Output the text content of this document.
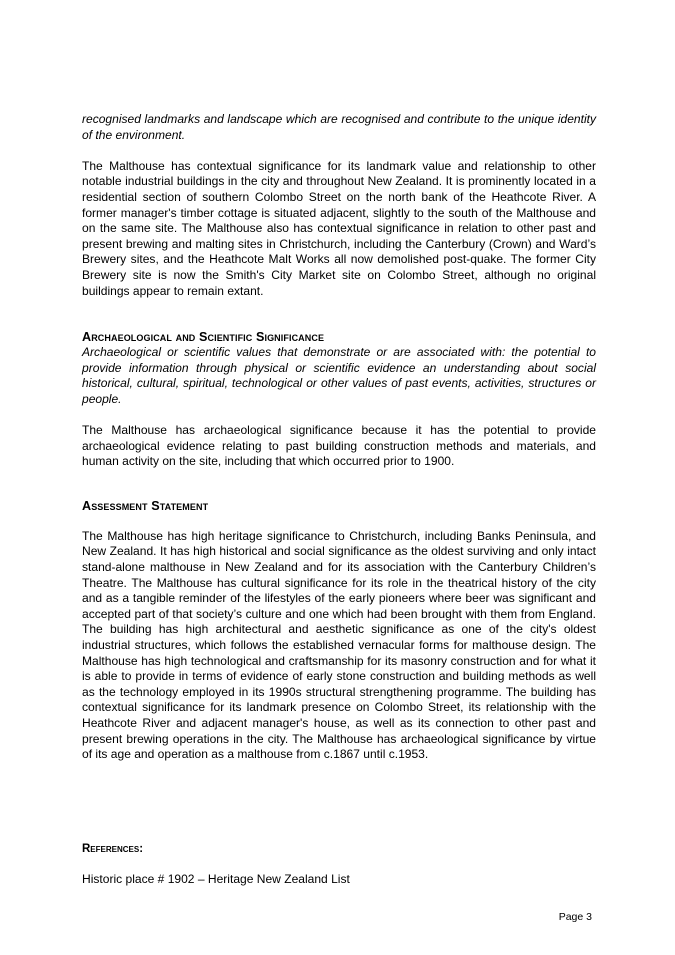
recognised landmarks and landscape which are recognised and contribute to the unique identity of the environment.

The Malthouse has contextual significance for its landmark value and relationship to other notable industrial buildings in the city and throughout New Zealand. It is prominently located in a residential section of southern Colombo Street on the north bank of the Heathcote River. A former manager's timber cottage is situated adjacent, slightly to the south of the Malthouse and on the same site. The Malthouse also has contextual significance in relation to other past and present brewing and malting sites in Christchurch, including the Canterbury (Crown) and Ward’s Brewery sites, and the Heathcote Malt Works all now demolished post-quake. The former City Brewery site is now the Smith's City Market site on Colombo Street, although no original buildings appear to remain extant.

Archaeological and Scientific Significance

Archaeological or scientific values that demonstrate or are associated with: the potential to provide information through physical or scientific evidence an understanding about social historical, cultural, spiritual, technological or other values of past events, activities, structures or people.

The Malthouse has archaeological significance because it has the potential to provide archaeological evidence relating to past building construction methods and materials, and human activity on the site, including that which occurred prior to 1900.

Assessment Statement

The Malthouse has high heritage significance to Christchurch, including Banks Peninsula, and New Zealand. It has high historical and social significance as the oldest surviving and only intact stand-alone malthouse in New Zealand and for its association with the Canterbury Children’s Theatre. The Malthouse has cultural significance for its role in the theatrical history of the city and as a tangible reminder of the lifestyles of the early pioneers where beer was significant and accepted part of that society’s culture and one which had been brought with them from England. The building has high architectural and aesthetic significance as one of the city's oldest industrial structures, which follows the established vernacular forms for malthouse design. The Malthouse has high technological and craftsmanship for its masonry construction and for what it is able to provide in terms of evidence of early stone construction and building methods as well as the technology employed in its 1990s structural strengthening programme. The building has contextual significance for its landmark presence on Colombo Street, its relationship with the Heathcote River and adjacent manager's house, as well as its connection to other past and present brewing operations in the city. The Malthouse has archaeological significance by virtue of its age and operation as a malthouse from c.1867 until c.1953.

References:

Historic place # 1902 – Heritage New Zealand List

Page 3
